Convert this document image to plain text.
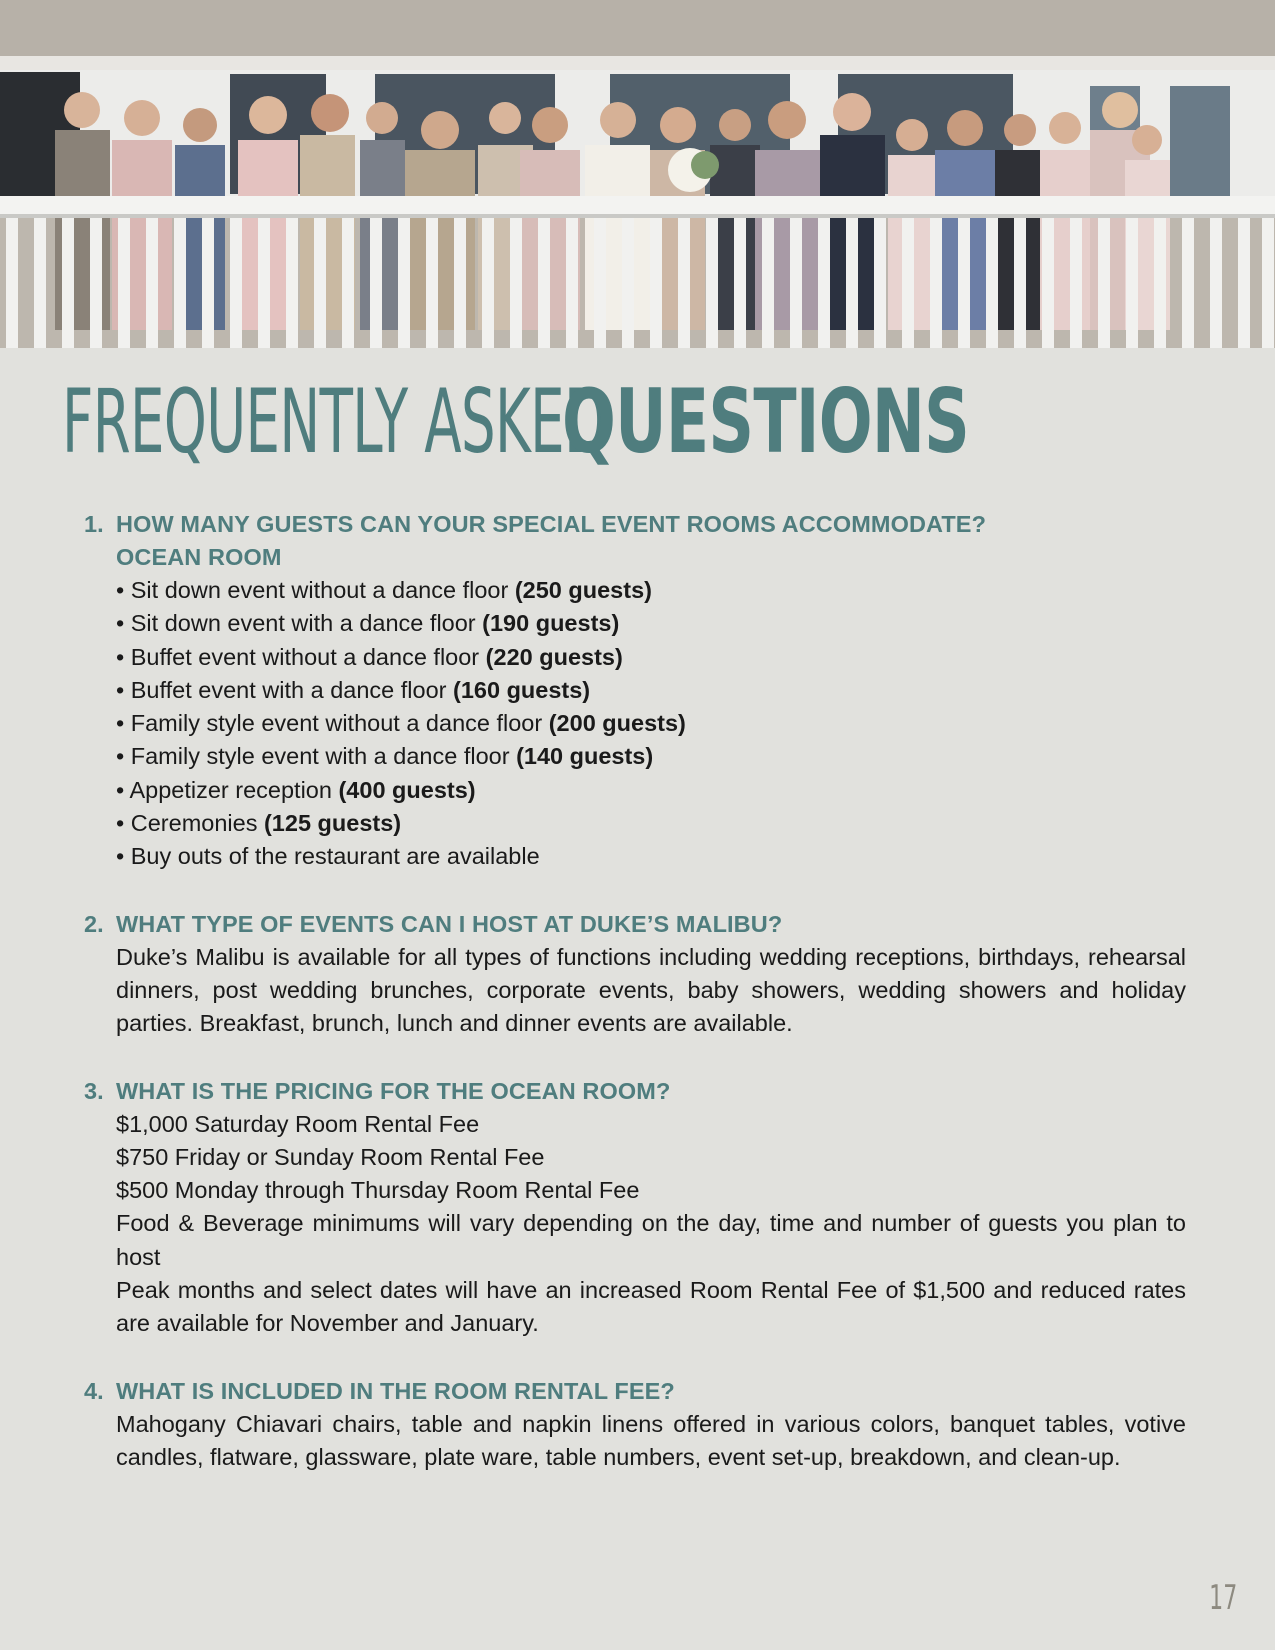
FREQUENTLY ASKEDQUESTIONS
1. HOW MANY GUESTS CAN YOUR SPECIAL EVENT ROOMS ACCOMMODATE?
OCEAN ROOM
• Sit down event without a dance floor (250 guests)
• Sit down event with a dance floor (190 guests)
• Buffet event without a dance floor (220 guests)
• Buffet event with a dance floor (160 guests)
• Family style event without a dance floor (200 guests)
• Family style event with a dance floor (140 guests)
• Appetizer reception (400 guests)
• Ceremonies (125 guests)
• Buy outs of the restaurant are available
2. WHAT TYPE OF EVENTS CAN I HOST AT DUKE’S MALIBU?

Duke’s Malibu is available for all types of functions including wedding receptions, birthdays, rehearsal dinners, post wedding brunches, corporate events, baby showers, wedding showers and holiday parties. Breakfast, brunch, lunch and dinner events are available.

3. WHAT IS THE PRICING FOR THE OCEAN ROOM?
$1,000 Saturday Room Rental Fee
$750 Friday or Sunday Room Rental Fee
$500 Monday through Thursday Room Rental Fee

Food & Beverage minimums will vary depending on the day, time and number of guests you plan to host

Peak months and select dates will have an increased Room Rental Fee of $1,500 and reduced rates are available for November and January.

4. WHAT IS INCLUDED IN THE ROOM RENTAL FEE?

Mahogany Chiavari chairs, table and napkin linens offered in various colors, banquet tables, votive candles, flatware, glassware, plate ware, table numbers, event set-up, breakdown, and clean-up.

17
